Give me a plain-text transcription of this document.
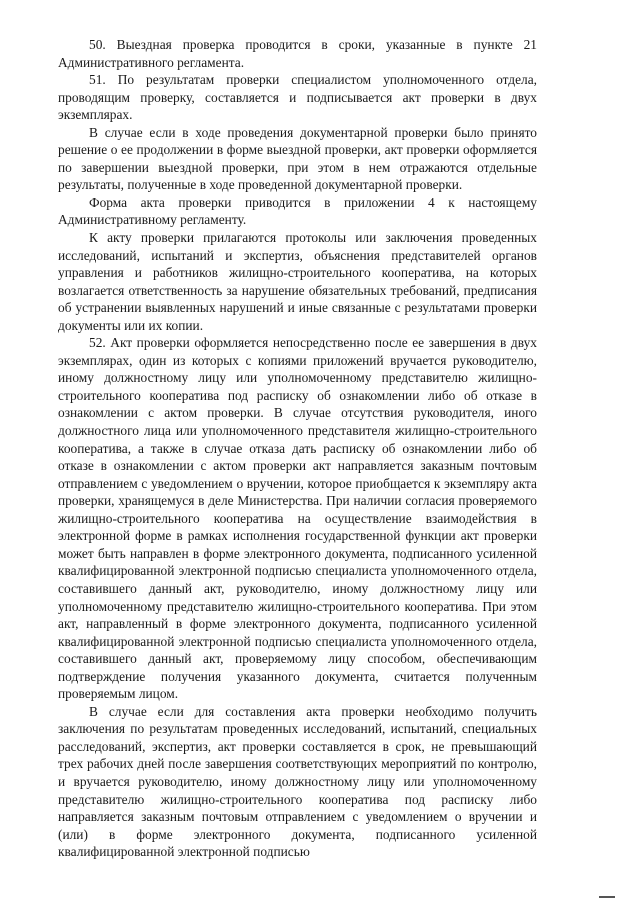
50. Выездная проверка проводится в сроки, указанные в пункте 21 Административного регламента.

51. По результатам проверки специалистом уполномоченного отдела, проводящим проверку, составляется и подписывается акт проверки в двух экземплярах.

В случае если в ходе проведения документарной проверки было принято решение о ее продолжении в форме выездной проверки, акт проверки оформляется по завершении выездной проверки, при этом в нем отражаются отдельные результаты, полученные в ходе проведенной документарной проверки.

Форма акта проверки приводится в приложении 4 к настоящему Административному регламенту.

К акту проверки прилагаются протоколы или заключения проведенных исследований, испытаний и экспертиз, объяснения представителей органов управления и работников жилищно-строительного кооператива, на которых возлагается ответственность за нарушение обязательных требований, предписания об устранении выявленных нарушений и иные связанные с результатами проверки документы или их копии.

52. Акт проверки оформляется непосредственно после ее завершения в двух экземплярах, один из которых с копиями приложений вручается руководителю, иному должностному лицу или уполномоченному представителю жилищно-строительного кооператива под расписку об ознакомлении либо об отказе в ознакомлении с актом проверки. В случае отсутствия руководителя, иного должностного лица или уполномоченного представителя жилищно-строительного кооператива, а также в случае отказа дать расписку об ознакомлении либо об отказе в ознакомлении с актом проверки акт направляется заказным почтовым отправлением с уведомлением о вручении, которое приобщается к экземпляру акта проверки, хранящемуся в деле Министерства. При наличии согласия проверяемого жилищно-строительного кооператива на осуществление взаимодействия в электронной форме в рамках исполнения государственной функции акт проверки может быть направлен в форме электронного документа, подписанного усиленной квалифицированной электронной подписью специалиста уполномоченного отдела, составившего данный акт, руководителю, иному должностному лицу или уполномоченному представителю жилищно-строительного кооператива. При этом акт, направленный в форме электронного документа, подписанного усиленной квалифицированной электронной подписью специалиста уполномоченного отдела, составившего данный акт, проверяемому лицу способом, обеспечивающим подтверждение получения указанного документа, считается полученным проверяемым лицом.

В случае если для составления акта проверки необходимо получить заключения по результатам проведенных исследований, испытаний, специальных расследований, экспертиз, акт проверки составляется в срок, не превышающий трех рабочих дней после завершения соответствующих мероприятий по контролю, и вручается руководителю, иному должностному лицу или уполномоченному представителю жилищно-строительного кооператива под расписку либо направляется заказным почтовым отправлением с уведомлением о вручении и (или) в форме электронного документа, подписанного усиленной квалифицированной электронной подписью
